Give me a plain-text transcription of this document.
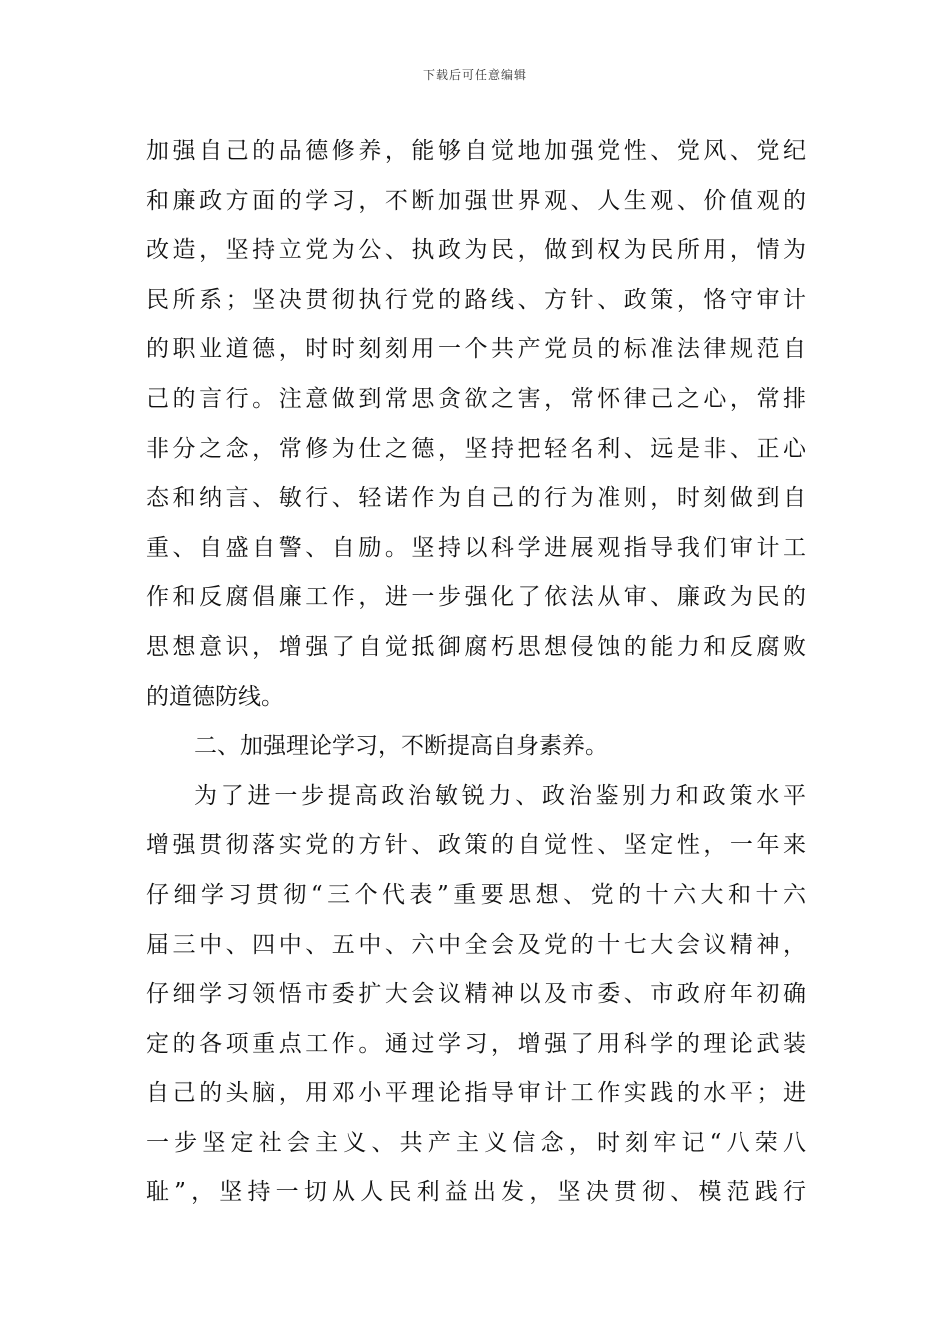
下载后可任意编辑
加强自己的品德修养，能够自觉地加强党性、党风、党纪
和廉政方面的学习，不断加强世界观、人生观、价值观的
改造，坚持立党为公、执政为民，做到权为民所用，情为
民所系；坚决贯彻执行党的路线、方针、政策，恪守审计
的职业道德，时时刻刻用一个共产党员的标准法律规范自
己的言行。注意做到常思贪欲之害，常怀律己之心，常排
非分之念，常修为仕之德，坚持把轻名利、远是非、正心
态和纳言、敏行、轻诺作为自己的行为准则，时刻做到自
重、自盛自警、自励。坚持以科学进展观指导我们审计工
作和反腐倡廉工作，进一步强化了依法从审、廉政为民的
思想意识，增强了自觉抵御腐朽思想侵蚀的能力和反腐败
的道德防线。
二、加强理论学习，不断提高自身素养。
为了进一步提高政治敏锐力、政治鉴别力和政策水平
增强贯彻落实党的方针、政策的自觉性、坚定性，一年来
仔细学习贯彻“三个代表”重要思想、党的十六大和十六
届三中、四中、五中、六中全会及党的十七大会议精神，
仔细学习领悟市委扩大会议精神以及市委、市政府年初确
定的各项重点工作。通过学习，增强了用科学的理论武装
自己的头脑，用邓小平理论指导审计工作实践的水平；进
一步坚定社会主义、共产主义信念，时刻牢记“八荣八
耻”，坚持一切从人民利益出发，坚决贯彻、模范践行
